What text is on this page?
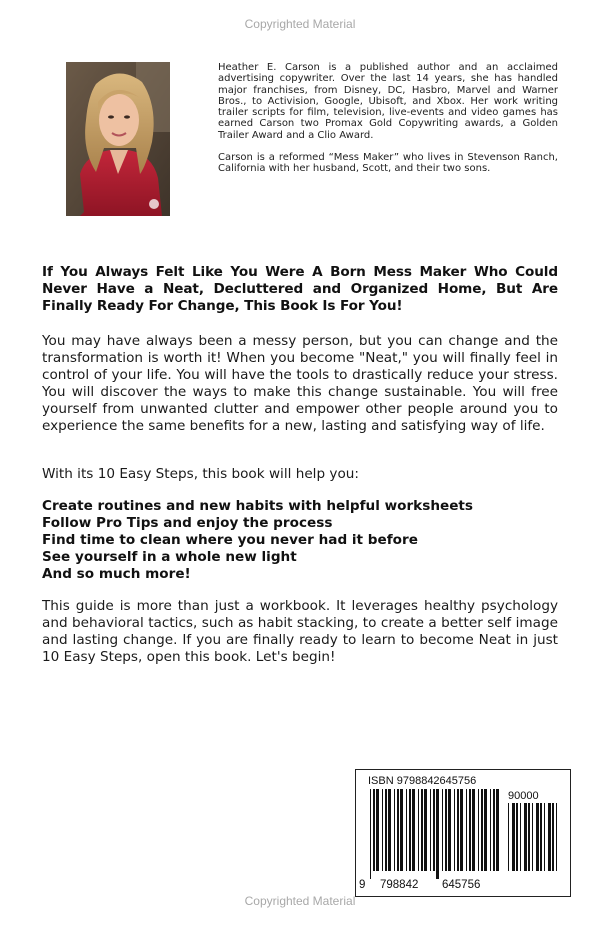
Copyrighted Material

Heather E. Carson is a published author and an acclaimed advertising copywriter. Over the last 14 years, she has handled major franchises, from Disney, DC, Hasbro, Marvel and Warner Bros., to Activision, Google, Ubisoft, and Xbox. Her work writing trailer scripts for film, television, live-events and video games has earned Carson two Promax Gold Copywriting awards, a Golden Trailer Award and a Clio Award.

Carson is a reformed “Mess Maker” who lives in Stevenson Ranch, California with her husband, Scott, and their two sons.

If You Always Felt Like You Were A Born Mess Maker Who Could Never Have a Neat, Decluttered and Organized Home, But Are Finally Ready For Change, This Book Is For You!
You may have always been a messy person, but you can change and the transformation is worth it! When you become "Neat," you will finally feel in control of your life. You will have the tools to drastically reduce your stress. You will discover the ways to make this change sustainable. You will free yourself from unwanted clutter and empower other people around you to experience the same benefits for a new, lasting and satisfying way of life.
With its 10 Easy Steps, this book will help you:
Create routines and new habits with helpful worksheets
Follow Pro Tips and enjoy the process
Find time to clean where you never had it before
See yourself in a whole new light
And so much more!
This guide is more than just a workbook. It leverages healthy psychology and behavioral tactics, such as habit stacking, to create a better self image and lasting change. If you are finally ready to learn to become Neat in just 10 Easy Steps, open this book. Let's begin!
ISBN 9798842645756
90000
9 798842 645756
Copyrighted Material
